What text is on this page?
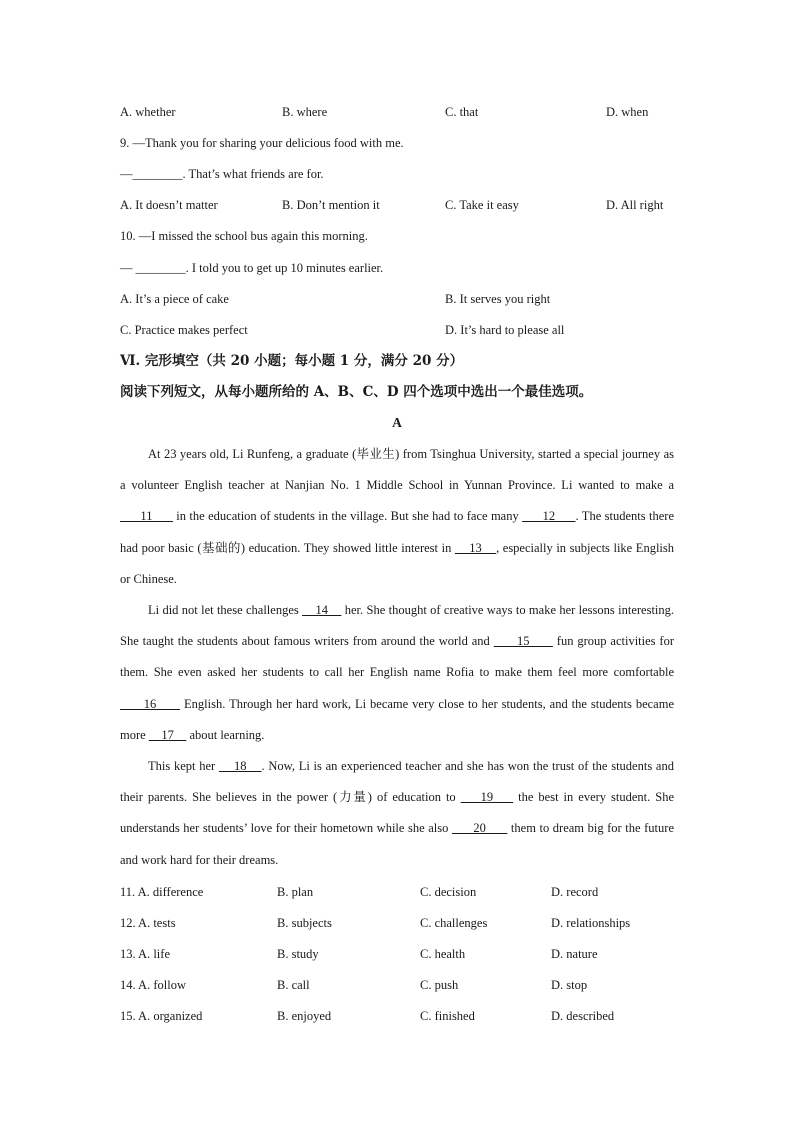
A. whether	B. where	C. that	D. when
9. —Thank you for sharing your delicious food with me.
—________. That’s what friends are for.
A. It doesn’t matter	B. Don’t mention it	C. Take it easy	D. All right
10. —I missed the school bus again this morning.
— ________. I told you to get up 10 minutes earlier.
A. It’s a piece of cake	B. It serves you right
C. Practice makes perfect	D. It’s hard to please all
Ⅵ. 完形填空（共 20 小题；每小题 1 分，满分 20 分）
阅读下列短文，从每小题所给的 A、B、C、D 四个选项中选出一个最佳选项。
A

At 23 years old, Li Runfeng, a graduate (毕业生) from Tsinghua University, started a special journey as a volunteer English teacher at Nanjian No. 1 Middle School in Yunnan Province. Li wanted to make a       11       in the education of students in the village. But she had to face many       12      . The students there had poor basic (基础的) education. They showed little interest in     13    , especially in subjects like English or Chinese.

Li did not let these challenges     14     her. She thought of creative ways to make her lessons interesting. She taught the students about famous writers from around the world and       15       fun group activities for them. She even asked her students to call her English name Rofia to make them feel more comfortable       16       English. Through her hard work, Li became very close to her students, and the students became more     17     about learning.

This kept her     18    . Now, Li is an experienced teacher and she has won the trust of the students and their parents. She believes in the power (力量) of education to     19     the best in every student. She understands her students’ love for their hometown while she also       20       them to dream big for the future and work hard for their dreams.

11. A. difference	B. plan	C. decision	D. record
12. A. tests	B. subjects	C. challenges	D. relationships
13. A. life	B. study	C. health	D. nature
14. A. follow	B. call	C. push	D. stop
15. A. organized	B. enjoyed	C. finished	D. described
